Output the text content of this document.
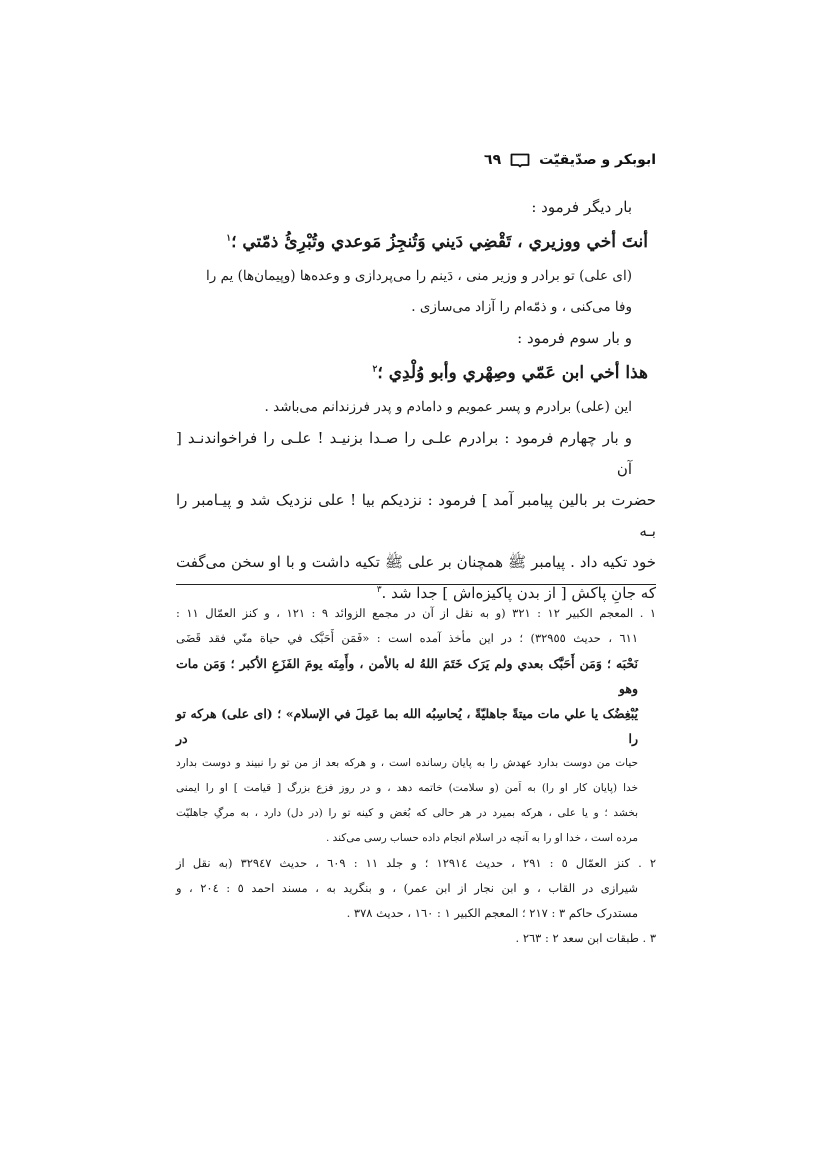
ابوبکر و صدّیقیّت
٦٩
بار دیگر فرمود :
أنتَ أخي ووزيري ، تَقْضِي دَيني وَتُنجِزُ مَوعدي وتُبْرِئُ ذمّتي ؛$^١$
(ای علی) تو برادر و وزیر منی ، دَینم را می‌پردازی و وعده‌ها (وپیمان‌ها) یم را
وفا می‌کنی ، و ذمّه‌ام را آزاد می‌سازی .
و بار سوم فرمود :
هذا أخي ابن عَمّي وصِهْري وأبو وُلْدِي ؛$^٢$
این (علی) برادرم و پسر عمویم و دامادم و پدر فرزندانم می‌باشد .
و بار چهارم فرمود : برادرم علـی را صـدا بزنیـد ! علـی را فراخواندنـد [ آن
حضرت بر بالین پیامبر آمد ] فرمود : نزدیکم بیا ! علی نزدیک شد و پیـامبر را بـه
خود تکیه داد . پیامبر ﷺ همچنان بر علی ﷺ تکیه داشت و با او سخن می‌گفت
که جانِ پاکش [ از بدن پاکیزه‌اش ] جدا شد .$^٣$
١ . المعجم الکبیر ١٢ : ٣٢١ (و به نقل از آن در مجمع الزوائد ٩ : ١٢١ ، و کنز العمّال ١١ :
٦١١ ، حدیث ٣٢٩٥٥) ؛ در این مأخذ آمده است : «فَمَن أَحَبَّک في حياة منّي فقد قَضَى
نَحْبَه ؛ وَمَن أَحَبَّک بعدي ولم يَرَک خَتَمَ اللهُ له بالأمن ، وأَمِنَه يومَ الفَزَعِ الأكبر ؛ وَمَن مات وهو
يُبْغِضُک يا علي مات ميتةً جاهليّةً ، يُحاسِبُه الله بما عَمِلَ في الإسلام» ؛ (ای علی) هرکه تو را در
حیات من دوست بدارد عهدش را به پایان رسانده است ، و هرکه بعد از من تو را نبیند و دوست بدارد
خدا (پایان کار او را) به اَمن (و سلامت) خاتمه دهد ، و در روز فزع بزرگ [ قیامت ] او را ایمنی
بخشد ؛ و یا علی ، هرکه بمیرد در هر حالی که بُغض و کینه تو را (در دل) دارد ، به مرگِ جاهلیّت
مرده است ، خدا او را به آنچه در اسلام انجام داده حساب رسی می‌کند .
٢ . کنز العمّال ٥ : ٢٩١ ، حدیث ١٢٩١٤ ؛ و جلد ١١ : ٦٠٩ ، حدیث ٣٢٩٤٧ (به نقل از
شیرازی در القاب ، و ابن نجار از ابن عمر) ، و بنگرید به ، مسند احمد ٥ : ٢٠٤ ، و
مستدرک حاکم ٣ : ٢١٧ ؛ المعجم الکبیر ١ : ١٦٠ ، حدیث ٣٧٨ .
٣ . طبقات ابن سعد ٢ : ٢٦٣ .
